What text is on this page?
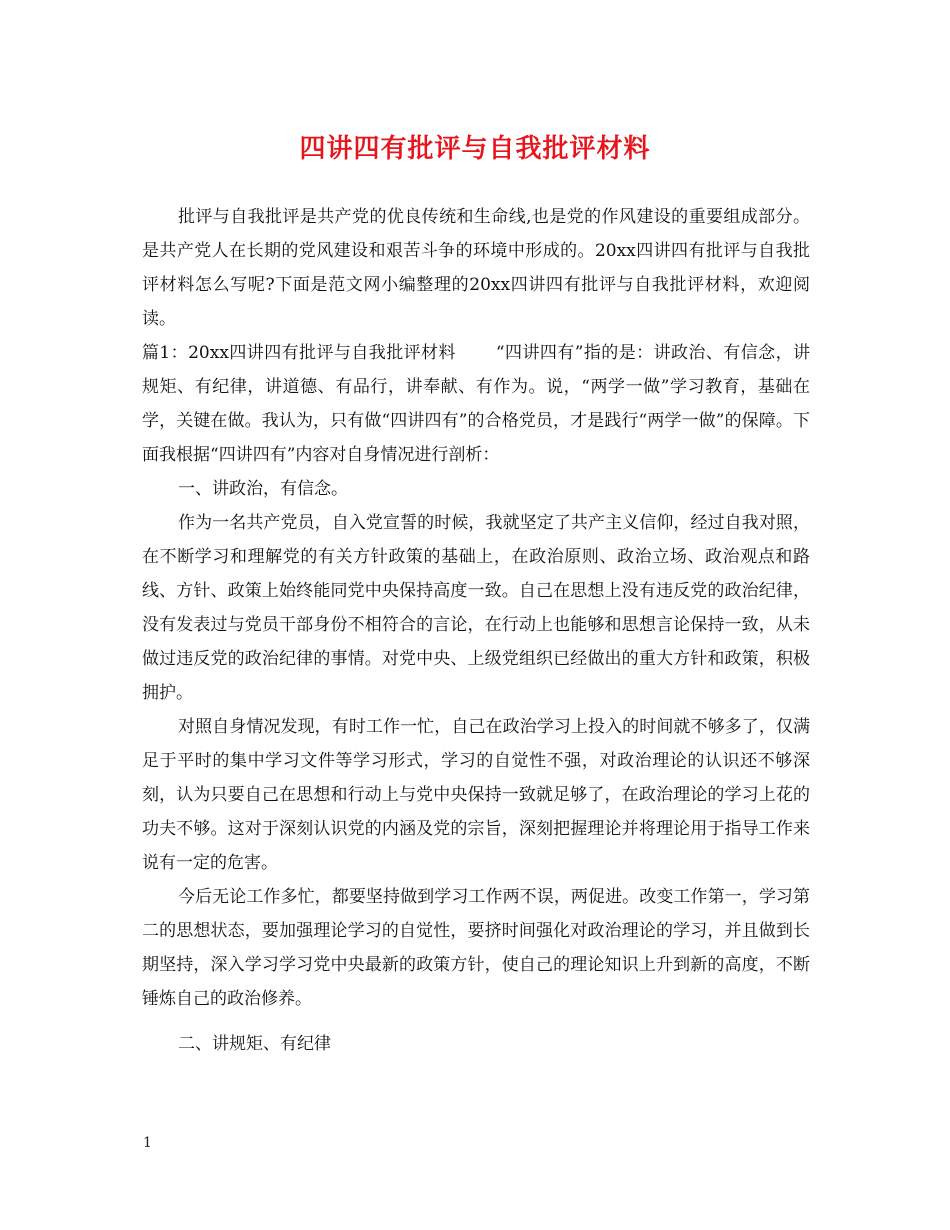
四讲四有批评与自我批评材料

批评与自我批评是共产党的优良传统和生命线,也是党的作风建设的重要组成部分。是共产党人在长期的党风建设和艰苦斗争的环境中形成的。20xx四讲四有批评与自我批评材料怎么写呢?下面是范文网小编整理的20xx四讲四有批评与自我批评材料，欢迎阅读。

篇1：20xx四讲四有批评与自我批评材料 “四讲四有”指的是：讲政治、有信念，讲规矩、有纪律，讲道德、有品行，讲奉献、有作为。说，“两学一做”学习教育，基础在学，关键在做。我认为，只有做“四讲四有”的合格党员，才是践行“两学一做”的保障。下面我根据“四讲四有”内容对自身情况进行剖析：

一、讲政治，有信念。

作为一名共产党员，自入党宣誓的时候，我就坚定了共产主义信仰，经过自我对照，在不断学习和理解党的有关方针政策的基础上，在政治原则、政治立场、政治观点和路线、方针、政策上始终能同党中央保持高度一致。自己在思想上没有违反党的政治纪律，没有发表过与党员干部身份不相符合的言论，在行动上也能够和思想言论保持一致，从未做过违反党的政治纪律的事情。对党中央、上级党组织已经做出的重大方针和政策，积极拥护。

对照自身情况发现，有时工作一忙，自己在政治学习上投入的时间就不够多了，仅满足于平时的集中学习文件等学习形式，学习的自觉性不强，对政治理论的认识还不够深刻，认为只要自己在思想和行动上与党中央保持一致就足够了，在政治理论的学习上花的功夫不够。这对于深刻认识党的内涵及党的宗旨，深刻把握理论并将理论用于指导工作来说有一定的危害。

今后无论工作多忙，都要坚持做到学习工作两不误，两促进。改变工作第一，学习第二的思想状态，要加强理论学习的自觉性，要挤时间强化对政治理论的学习，并且做到长期坚持，深入学习学习党中央最新的政策方针，使自己的理论知识上升到新的高度，不断锤炼自己的政治修养。

二、讲规矩、有纪律

1
